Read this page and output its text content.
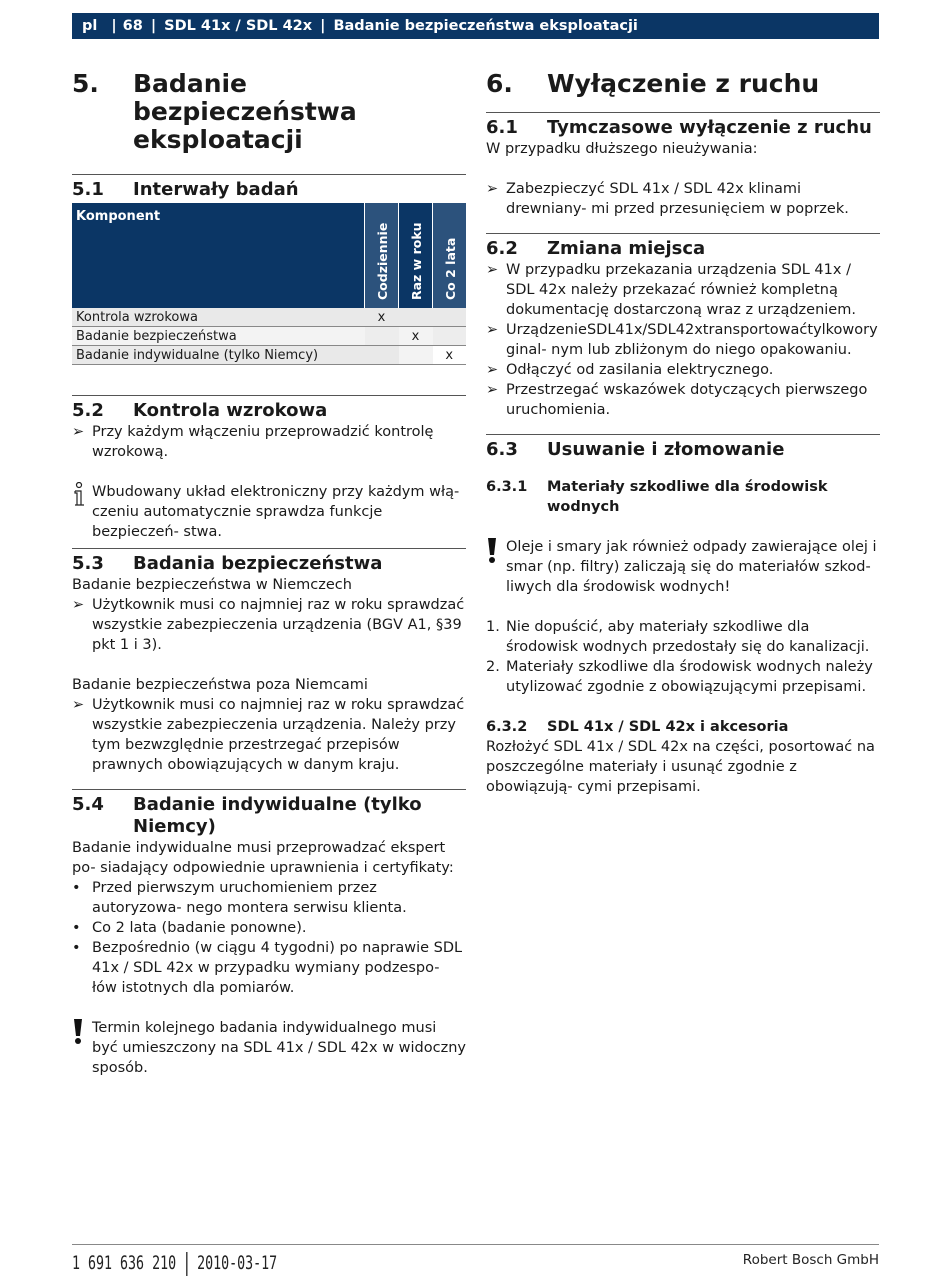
pl | 68 | SDL 41x / SDL 42x | Badanie bezpieczeństwa eksploatacji
5.	Badanie bezpieczeństwa eksploatacji
5.1	Interwały badań
Komponent	Codziennie	Raz w roku	Co 2 lata

Kontrola wzrokowa	x		
Badanie bezpieczeństwa		x	
Badanie indywidualne (tylko Niemcy)			x
5.2	Kontrola wzrokowa
➢ Przy każdym włączeniu przeprowadzić kontrolę wzrokową.
Wbudowany układ elektroniczny przy każdym włą- czeniu automatycznie sprawdza funkcje bezpieczeń- stwa.
5.3	Badania bezpieczeństwa

Badanie bezpieczeństwa w Niemczech

➢ Użytkownik musi co najmniej raz w roku sprawdzać wszystkie zabezpieczenia urządzenia (BGV A1, §39 pkt 1 i 3).

Badanie bezpieczeństwa poza Niemcami

➢ Użytkownik musi co najmniej raz w roku sprawdzać wszystkie zabezpieczenia urządzenia. Należy przy tym bezwzględnie przestrzegać przepisów prawnych obowiązujących w danym kraju.
5.4	Badanie indywidualne (tylko Niemcy)

Badanie indywidualne musi przeprowadzać ekspert po- siadający odpowiednie uprawnienia i certyfikaty:

• Przed pierwszym uruchomieniem przez autoryzowa- nego montera serwisu klienta.
• Co 2 lata (badanie ponowne).
• Bezpośrednio (w ciągu 4 tygodni) po naprawie SDL 41x / SDL 42x w przypadku wymiany podzespo- łów istotnych dla pomiarów.
Termin kolejnego badania indywidualnego musi być umieszczony na SDL 41x / SDL 42x w widoczny sposób.
6.	Wyłączenie z ruchu
6.1	Tymczasowe wyłączenie z ruchu

W przypadku dłuższego nieużywania:

➢ Zabezpieczyć SDL 41x / SDL 42x klinami drewniany- mi przed przesunięciem w poprzek.
6.2	Zmiana miejsca
➢ W przypadku przekazania urządzenia SDL 41x / SDL 42x należy przekazać również kompletną dokumentację dostarczoną wraz z urządzeniem.
➢ UrządzenieSDL41x/SDL42xtransportowaćtylkoworyginal- nym lub zbliżonym do niego opakowaniu.
➢ Odłączyć od zasilania elektrycznego.
➢ Przestrzegać wskazówek dotyczących pierwszego uruchomienia.
6.3	Usuwanie i złomowanie
6.3.1	Materiały szkodliwe dla środowisk wodnych
Oleje i smary jak również odpady zawierające olej i smar (np. filtry) zaliczają się do materiałów szkod- liwych dla środowisk wodnych!
1. Nie dopuścić, aby materiały szkodliwe dla środowisk wodnych przedostały się do kanalizacji.
2. Materiały szkodliwe dla środowisk wodnych należy utylizować zgodnie z obowiązującymi przepisami.
6.3.2	SDL 41x / SDL 42x i akcesoria

Rozłożyć SDL 41x / SDL 42x na części, posortować na poszczególne materiały i usunąć zgodnie z obowiązują- cymi przepisami.

1 691 636 210 2010-03-17	Robert Bosch GmbH
